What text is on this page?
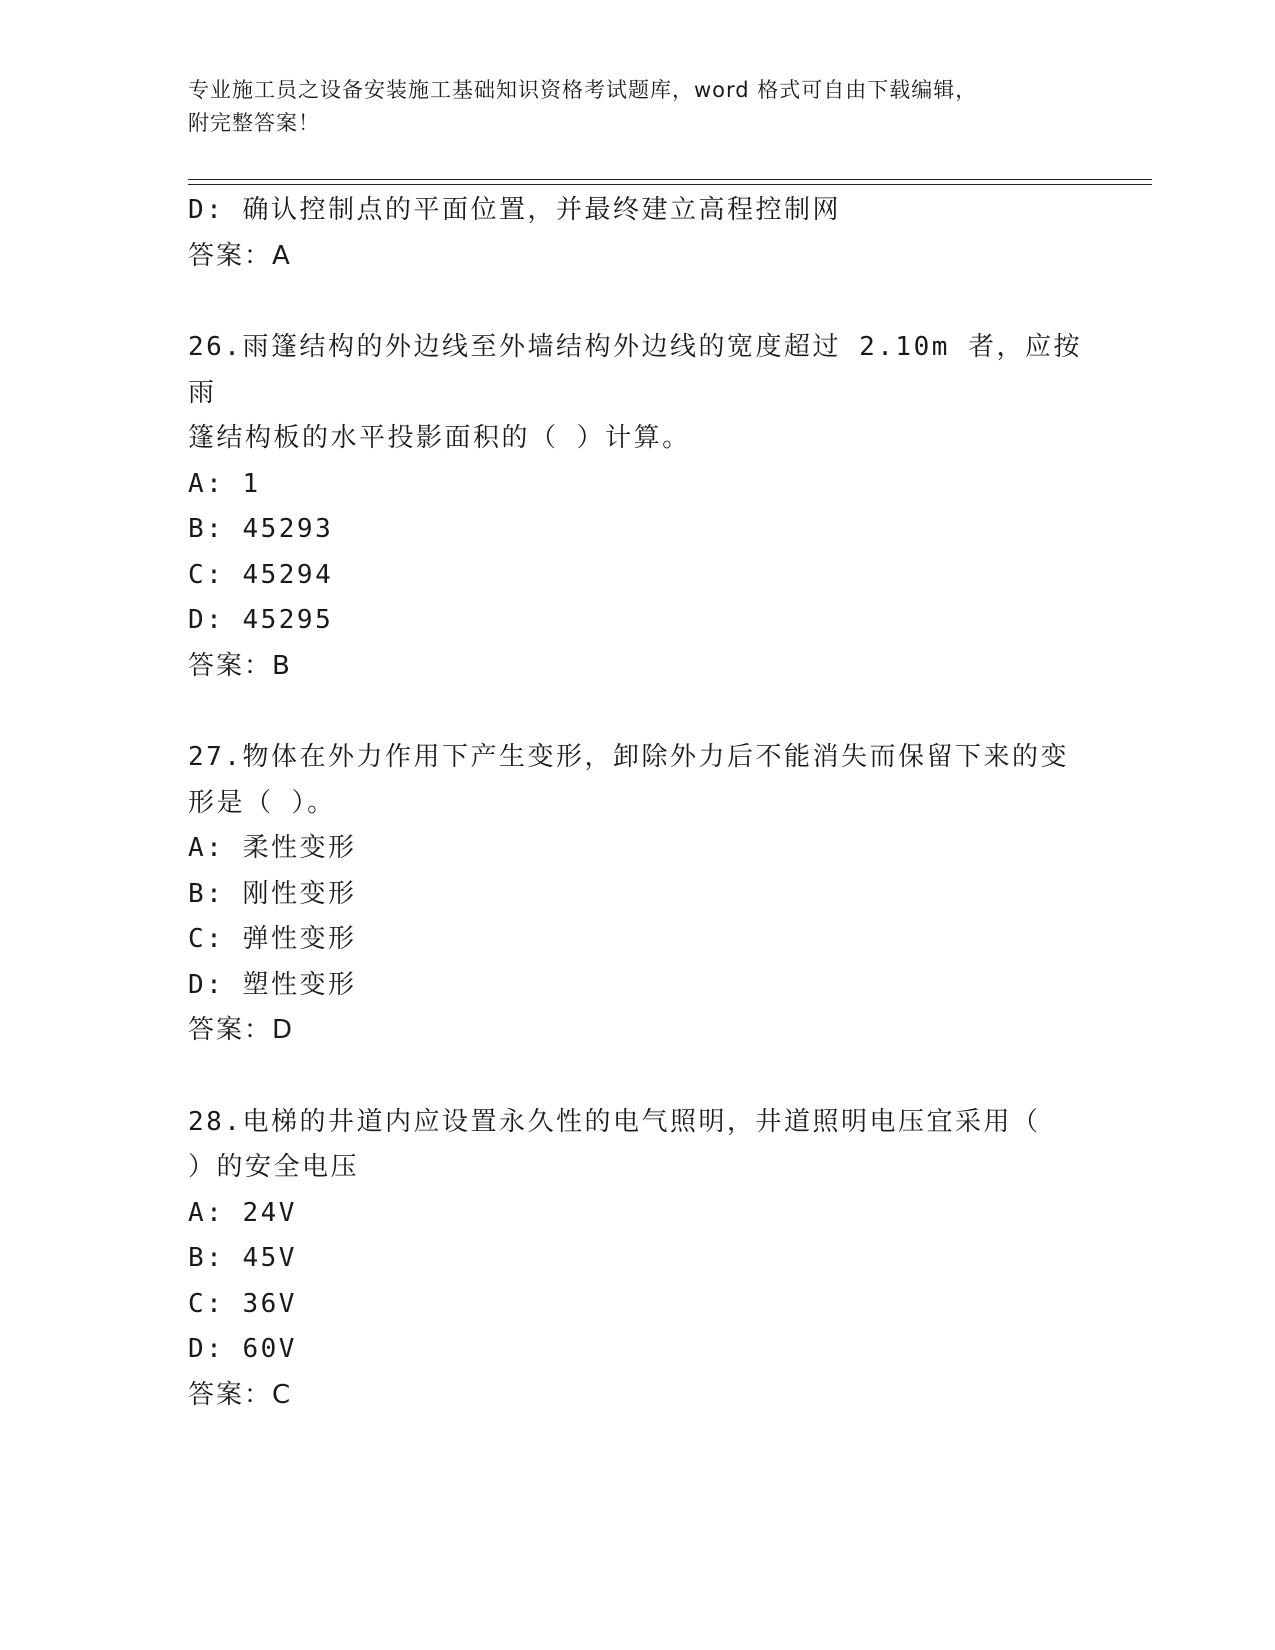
专业施工员之设备安装施工基础知识资格考试题库，word 格式可自由下载编辑，
附完整答案！
D: 确认控制点的平面位置，并最终建立高程控制网
答案：A
26.雨篷结构的外边线至外墙结构外边线的宽度超过 2.10m 者，应按雨
篷结构板的水平投影面积的（ ）计算。
A: 1
B: 45293
C: 45294
D: 45295
答案：B
27.物体在外力作用下产生变形，卸除外力后不能消失而保留下来的变
形是（ ）。
A: 柔性变形
B: 刚性变形
C: 弹性变形
D: 塑性变形
答案：D
28.电梯的井道内应设置永久性的电气照明，井道照明电压宜采用（
）的安全电压
A: 24V
B: 45V
C: 36V
D: 60V
答案：C
